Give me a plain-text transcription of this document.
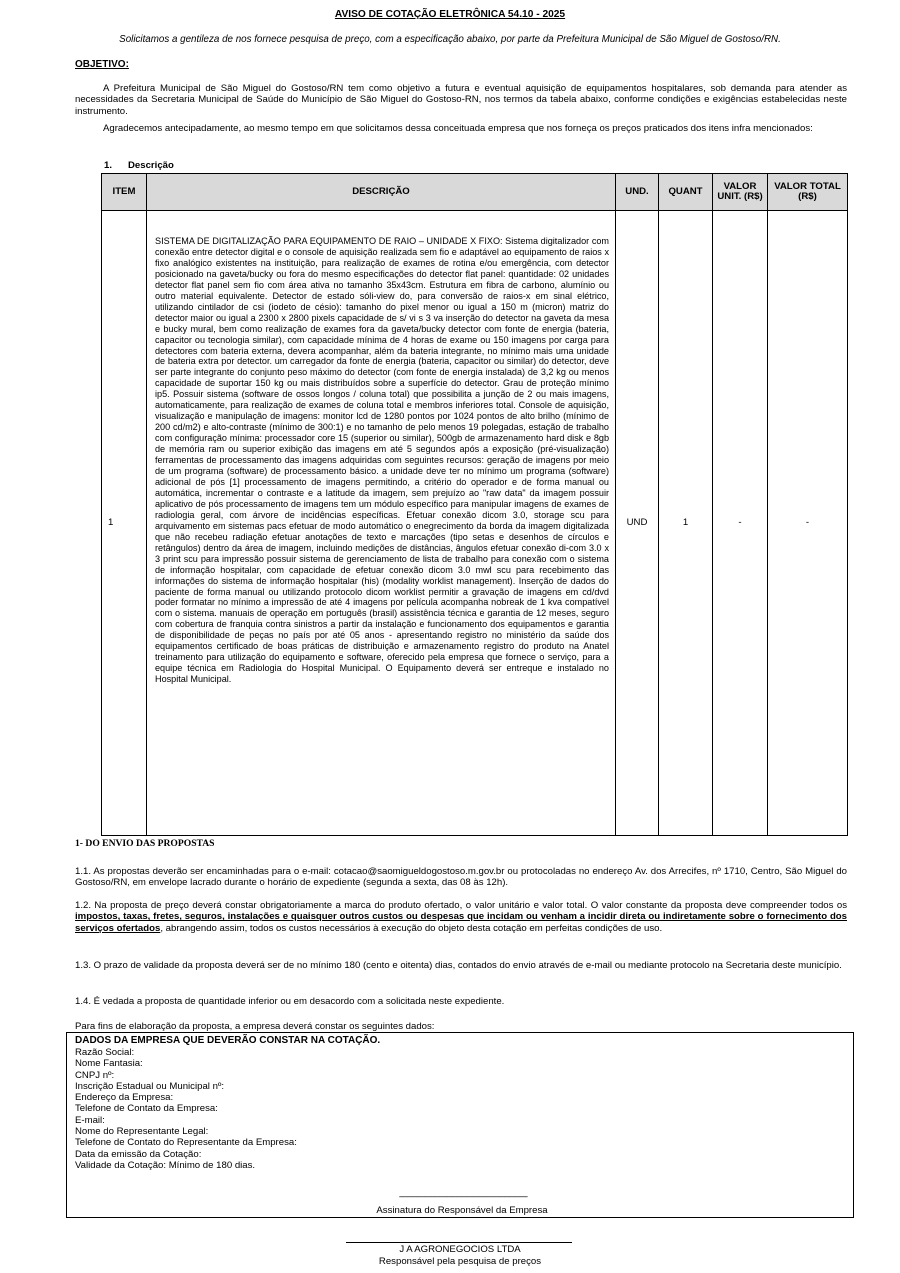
AVISO DE COTAÇÃO ELETRÔNICA 54.10 - 2025
Solicitamos a gentileza de nos fornece pesquisa de preço, com a especificação abaixo, por parte da Prefeitura Municipal de São Miguel de Gostoso/RN.
OBJETIVO:
A Prefeitura Municipal de São Miguel do Gostoso/RN tem como objetivo a futura e eventual aquisição de equipamentos hospitalares, sob demanda para atender as necessidades da Secretaria Municipal de Saúde do Município de São Miguel do Gostoso-RN, nos termos da tabela abaixo, conforme condições e exigências estabelecidas neste instrumento.
Agradecemos antecipadamente, ao mesmo tempo em que solicitamos dessa conceituada empresa que nos forneça os preços praticados dos itens infra mencionados:
1. Descrição
ITEM	DESCRIÇÃO	UND.	QUANT	VALOR UNIT. (R$)	VALOR TOTAL (R$)
1	SISTEMA DE DIGITALIZAÇÃO PARA EQUIPAMENTO DE RAIO – UNIDADE X FIXO: Sistema digitalizador com conexão entre detector digital e o console de aquisição realizada sem fio e adaptável ao equipamento de raios x fixo analógico existentes na instituição, para realização de exames de rotina e/ou emergência, com detector posicionado na gaveta/bucky ou fora do mesmo especificações do detector flat panel: quantidade: 02 unidades detector flat panel sem fio com área ativa no tamanho 35x43cm. Estrutura em fibra de carbono, alumínio ou outro material equivalente. Detector de estado sóli-view do, para conversão de raios-x em sinal elétrico, utilizando cintilador de csi (iodeto de césio): tamanho do pixel menor ou igual a 150 m (micron) matriz do detector maior ou igual a 2300 x 2800 pixels capacidade de s/ vi s 3 va inserção do detector na gaveta da mesa e bucky mural, bem como realização de exames fora da gaveta/bucky detector com fonte de energia (bateria, capacitor ou tecnologia similar), com capacidade mínima de 4 horas de exame ou 150 imagens por carga para detectores com bateria externa, devera acompanhar, além da bateria integrante, no mínimo mais uma unidade de bateria extra por detector. um carregador da fonte de energia (bateria, capacitor ou similar) do detector, deve ser parte integrante do conjunto peso máximo do detector (com fonte de energia instalada) de 3,2 kg ou menos capacidade de suportar 150 kg ou mais distribuídos sobre a superfície do detector. Grau de proteção mínimo ip5. Possuir sistema (software de ossos longos / coluna total) que possibilita a junção de 2 ou mais imagens, automaticamente, para realização de exames de coluna total e membros inferiores total. Console de aquisição, visualização e manipulação de imagens: monitor lcd de 1280 pontos por 1024 pontos de alto brilho (mínimo de 200 cd/m2) e alto-contraste (mínimo de 300:1) e no tamanho de pelo menos 19 polegadas, estação de trabalho com configuração mínima: processador core 15 (superior ou similar), 500gb de armazenamento hard disk e 8gb de memória ram ou superior exibição das imagens em até 5 segundos após a exposição (pré-visualização) ferramentas de processamento das imagens adquiridas com seguintes recursos: geração de imagens por meio de um programa (software) de processamento básico. a unidade deve ter no mínimo um programa (software) adicional de pós [1] processamento de imagens permitindo, a critério do operador e de forma manual ou automática, incrementar o contraste e a latitude da imagem, sem prejuízo ao "raw data" da imagem possuir aplicativo de pós processamento de imagens tem um módulo específico para manipular imagens de exames de radiologia geral, com árvore de incidências específicas. Efetuar conexão dicom 3.0, storage scu para arquivamento em sistemas pacs efetuar de modo automático o enegrecimento da borda da imagem digitalizada que não recebeu radiação efetuar anotações de texto e marcações (tipo setas e desenhos de círculos e retângulos) dentro da área de imagem, incluindo medições de distâncias, ângulos efetuar conexão di-com 3.0 x 3 print scu para impressão possuir sistema de gerenciamento de lista de trabalho para conexão com o sistema de informação hospitalar, com capacidade de efetuar conexão dicom 3.0 mwl scu para recebimento das informações do sistema de informação hospitalar (his) (modality worklist management). Inserção de dados do paciente de forma manual ou utilizando protocolo dicom worklist permitir a gravação de imagens em cd/dvd poder formatar no mínimo a impressão de até 4 imagens por película acompanha nobreak de 1 kva compatível com o sistema. manuais de operação em português (brasil) assistência técnica e garantia de 12 meses, seguro com cobertura de franquia contra sinistros a partir da instalação e funcionamento dos equipamentos e garantia de disponibilidade de peças no país por até 05 anos - apresentando registro no ministério da saúde dos equipamentos certificado de boas práticas de distribuição e armazenamento registro do produto na Anatel treinamento para utilização do equipamento e software, oferecido pela empresa que fornece o serviço, para a equipe técnica em Radiologia do Hospital Municipal. O Equipamento deverá ser entreque e instalado no Hospital Municipal.	UND	1	-	-
1- DO ENVIO DAS PROPOSTAS
1.1. As propostas deverão ser encaminhadas para o e-mail: cotacao@saomigueldogostoso.m.gov.br ou protocoladas no endereço Av. dos Arrecifes, nº 1710, Centro, São Miguel do Gostoso/RN, em envelope lacrado durante o horário de expediente (segunda a sexta, das 08 às 12h).
1.2. Na proposta de preço deverá constar obrigatoriamente a marca do produto ofertado, o valor unitário e valor total. O valor constante da proposta deve compreender todos os impostos, taxas, fretes, seguros, instalações e quaisquer outros custos ou despesas que incidam ou venham a incidir direta ou indiretamente sobre o fornecimento dos serviços ofertados, abrangendo assim, todos os custos necessários à execução do objeto desta cotação em perfeitas condições de uso.
1.3. O prazo de validade da proposta deverá ser de no mínimo 180 (cento e oitenta) dias, contados do envio através de e-mail ou mediante protocolo na Secretaria deste município.
1.4. É vedada a proposta de quantidade inferior ou em desacordo com a solicitada neste expediente.
Para fins de elaboração da proposta, a empresa deverá constar os seguintes dados:
DADOS DA EMPRESA QUE DEVERÃO CONSTAR NA COTAÇÃO.
Razão Social:
Nome Fantasia:
CNPJ nº:
Inscrição Estadual ou Municipal nº:
Endereço da Empresa:
Telefone de Contato da Empresa:
E-mail:
Nome do Representante Legal:
Telefone de Contato do Representante da Empresa:
Data da emissão da Cotação:
Validade da Cotação: Mínimo de 180 dias.
-----------------------------------------------------------------------------
Assinatura do Responsável da Empresa
J A AGRONEGOCIOS LTDA
Responsável pela pesquisa de preços
